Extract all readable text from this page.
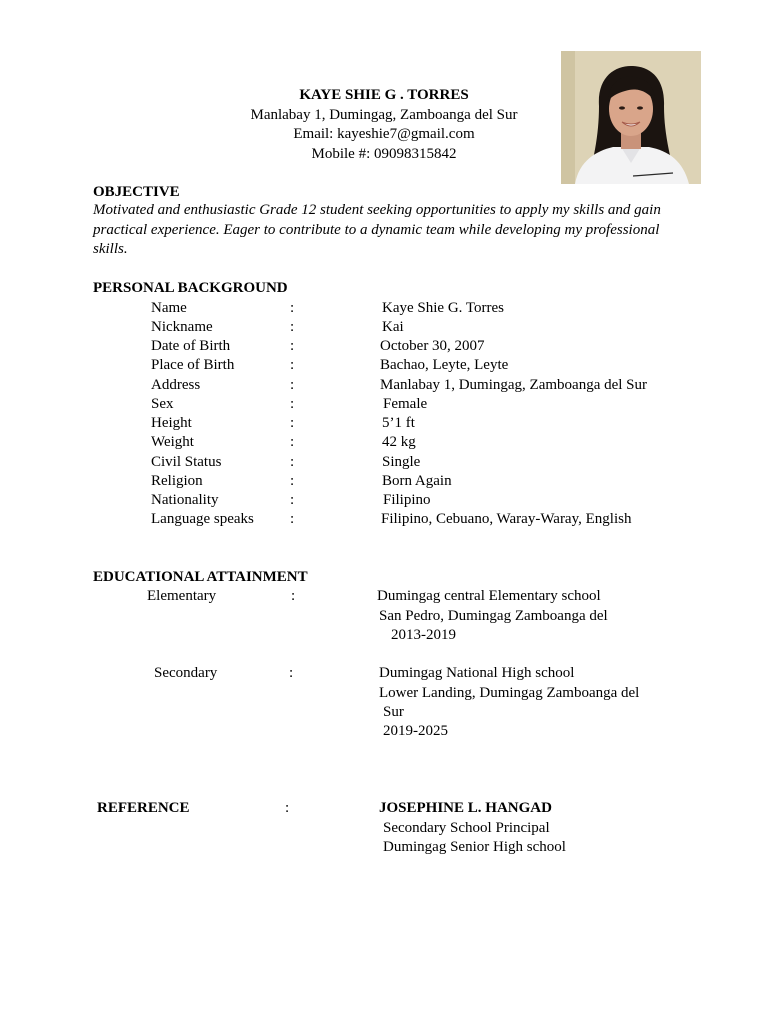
KAYE SHIE G . TORRES
Manlabay 1, Dumingag, Zamboanga del Sur
Email: kayeshie7@gmail.com
Mobile #: 09098315842
OBJECTIVE
Motivated and enthusiastic Grade 12 student seeking opportunities to apply my skills and gain practical experience. Eager to contribute to a dynamic team while developing my professional skills.
PERSONAL BACKGROUND
Name	:	Kaye Shie G. Torres
Nickname	:	Kai
Date of Birth	:	October 30, 2007
Place of Birth	:	Bachao, Leyte, Leyte
Address	:	Manlabay 1, Dumingag, Zamboanga del Sur
Sex	:	Female
Height	:	5’1 ft
Weight	:	42 kg
Civil Status	:	Single
Religion	:	Born Again
Nationality	:	Filipino
Language speaks :	Filipino, Cebuano, Waray-Waray, English
EDUCATIONAL ATTAINMENT
Elementary	:	Dumingag central Elementary school
San Pedro, Dumingag Zamboanga del
2013-2019
Secondary	:	Dumingag National High school
Lower Landing, Dumingag Zamboanga del
Sur
2019-2025
REFERENCE	:	JOSEPHINE L. HANGAD
Secondary School Principal
Dumingag Senior High school
